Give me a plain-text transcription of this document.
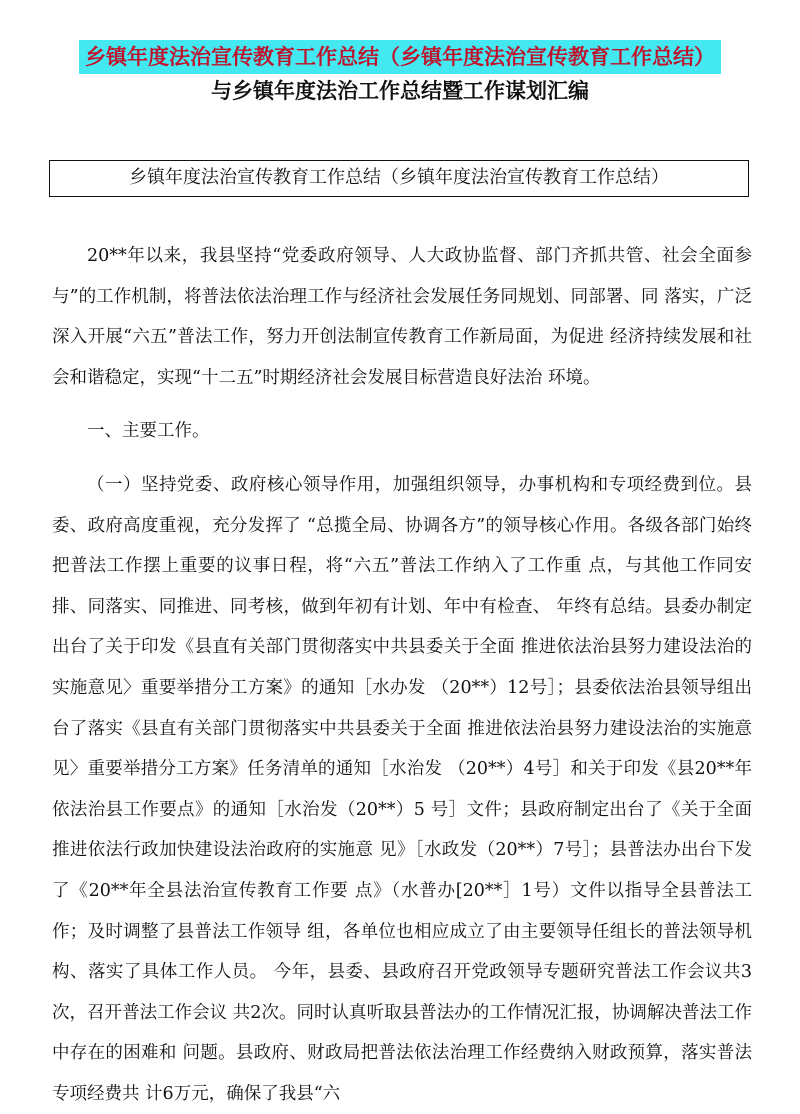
乡镇年度法治宣传教育工作总结（乡镇年度法治宣传教育工作总结）
与乡镇年度法治工作总结暨工作谋划汇编
乡镇年度法治宣传教育工作总结（乡镇年度法治宣传教育工作总结）

20**年以来，我县坚持“党委政府领导、人大政协监督、部门齐抓共管、社会全面参与”的工作机制，将普法依法治理工作与经济社会发展任务同规划、同部署、同 落实，广泛深入开展“六五”普法工作，努力开创法制宣传教育工作新局面，为促进 经济持续发展和社会和谐稳定，实现“十二五”时期经济社会发展目标营造良好法治 环境。

一、主要工作。

（一）坚持党委、政府核心领导作用，加强组织领导，办事机构和专项经费到位。县委、政府高度重视，充分发挥了 “总揽全局、协调各方”的领导核心作用。各级各部门始终把普法工作摆上重要的议事日程，将“六五”普法工作纳入了工作重 点，与其他工作同安排、同落实、同推进、同考核，做到年初有计划、年中有检查、 年终有总结。县委办制定出台了关于印发《县直有关部门贯彻落实中共县委关于全面 推进依法治县努力建设法治的实施意见〉重要举措分工方案》的通知［水办发 （20**）12号］；县委依法治县领导组出台了落实《县直有关部门贯彻落实中共县委关于全面 推进依法治县努力建设法治的实施意见〉重要举措分工方案》任务清单的通知［水治发 （20**）4号］和关于印发《县20**年依法治县工作要点》的通知［水治发（20**）5 号］文件；县政府制定出台了《关于全面推进依法行政加快建设法治政府的实施意 见》［水政发（20**）7号］；县普法办出台下发了《20**年全县法治宣传教育工作要 点》（水普办[20**］1号）文件以指导全县普法工作；及时调整了县普法工作领导 组，各单位也相应成立了由主要领导任组长的普法领导机构、落实了具体工作人员。 今年，县委、县政府召开党政领导专题研究普法工作会议共3次，召开普法工作会议 共2次。同时认真听取县普法办的工作情况汇报，协调解决普法工作中存在的困难和 问题。县政府、财政局把普法依法治理工作经费纳入财政预算，落实普法专项经费共 计6万元，确保了我县“六
